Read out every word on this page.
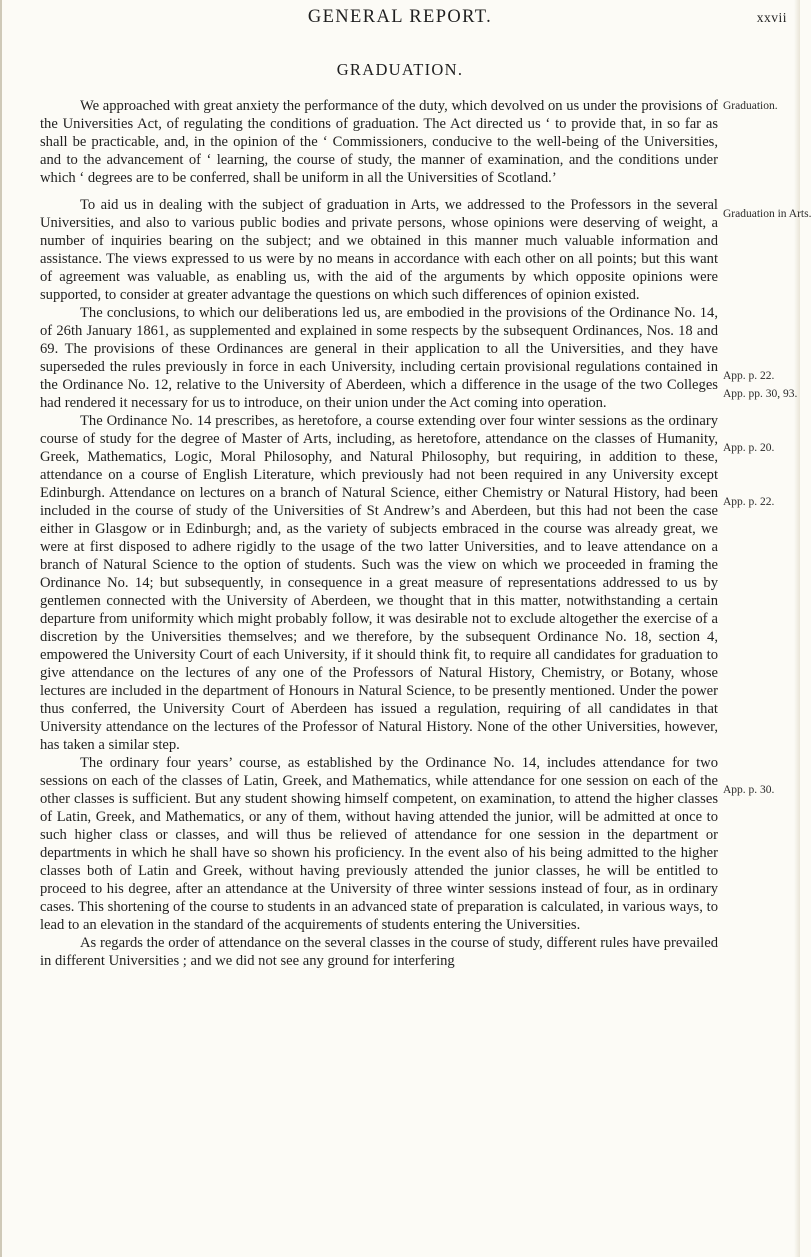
GENERAL REPORT.	xxvii
GRADUATION.

We approached with great anxiety the performance of the duty, which devolved on us under the provisions of the Universities Act, of regulating the conditions of graduation. The Act directed us ‘ to provide that, in so far as shall be practicable, and, in the opinion of the ‘ Commissioners, conducive to the well-being of the Universities, and to the advancement of ‘ learning, the course of study, the manner of examination, and the conditions under which ‘ degrees are to be conferred, shall be uniform in all the Universities of Scotland.’

To aid us in dealing with the subject of graduation in Arts, we addressed to the Professors in the several Universities, and also to various public bodies and private persons, whose opinions were deserving of weight, a number of inquiries bearing on the subject; and we obtained in this manner much valuable information and assistance. The views expressed to us were by no means in accordance with each other on all points; but this want of agreement was valuable, as enabling us, with the aid of the arguments by which opposite opinions were supported, to consider at greater advantage the questions on which such differences of opinion existed.

The conclusions, to which our deliberations led us, are embodied in the provisions of the Ordinance No. 14, of 26th January 1861, as supplemented and explained in some respects by the subsequent Ordinances, Nos. 18 and 69. The provisions of these Ordinances are general in their application to all the Universities, and they have superseded the rules previously in force in each University, including certain provisional regulations contained in the Ordinance No. 12, relative to the University of Aberdeen, which a difference in the usage of the two Colleges had rendered it necessary for us to introduce, on their union under the Act coming into operation.

The Ordinance No. 14 prescribes, as heretofore, a course extending over four winter sessions as the ordinary course of study for the degree of Master of Arts, including, as heretofore, attendance on the classes of Humanity, Greek, Mathematics, Logic, Moral Philosophy, and Natural Philosophy, but requiring, in addition to these, attendance on a course of English Literature, which previously had not been required in any University except Edinburgh. Attendance on lectures on a branch of Natural Science, either Chemistry or Natural History, had been included in the course of study of the Universities of St Andrew’s and Aberdeen, but this had not been the case either in Glasgow or in Edinburgh; and, as the variety of subjects embraced in the course was already great, we were at first disposed to adhere rigidly to the usage of the two latter Universities, and to leave attendance on a branch of Natural Science to the option of students. Such was the view on which we proceeded in framing the Ordinance No. 14; but subsequently, in consequence in a great measure of representations addressed to us by gentlemen connected with the University of Aberdeen, we thought that in this matter, notwithstanding a certain departure from uniformity which might probably follow, it was desirable not to exclude altogether the exercise of a discretion by the Universities themselves; and we therefore, by the subsequent Ordinance No. 18, section 4, empowered the University Court of each University, if it should think fit, to require all candidates for graduation to give attendance on the lectures of any one of the Professors of Natural History, Chemistry, or Botany, whose lectures are included in the department of Honours in Natural Science, to be presently mentioned. Under the power thus conferred, the University Court of Aberdeen has issued a regulation, requiring of all candidates in that University attendance on the lectures of the Professor of Natural History. None of the other Universities, however, has taken a similar step.

The ordinary four years’ course, as established by the Ordinance No. 14, includes attendance for two sessions on each of the classes of Latin, Greek, and Mathematics, while attendance for one session on each of the other classes is sufficient. But any student showing himself competent, on examination, to attend the higher classes of Latin, Greek, and Mathematics, or any of them, without having attended the junior, will be admitted at once to such higher class or classes, and will thus be relieved of attendance for one session in the department or departments in which he shall have so shown his proficiency. In the event also of his being admitted to the higher classes both of Latin and Greek, without having previously attended the junior classes, he will be entitled to proceed to his degree, after an attendance at the University of three winter sessions instead of four, as in ordinary cases. This shortening of the course to students in an advanced state of preparation is calculated, in various ways, to lead to an elevation in the standard of the acquirements of students entering the Universities.

As regards the order of attendance on the several classes in the course of study, different rules have prevailed in different Universities ; and we did not see any ground for interfering

Graduation.
Graduation in Arts.
App. p. 22.
App. pp. 30, 93.
App. p. 20.
App. p. 22.
App. p. 30.
